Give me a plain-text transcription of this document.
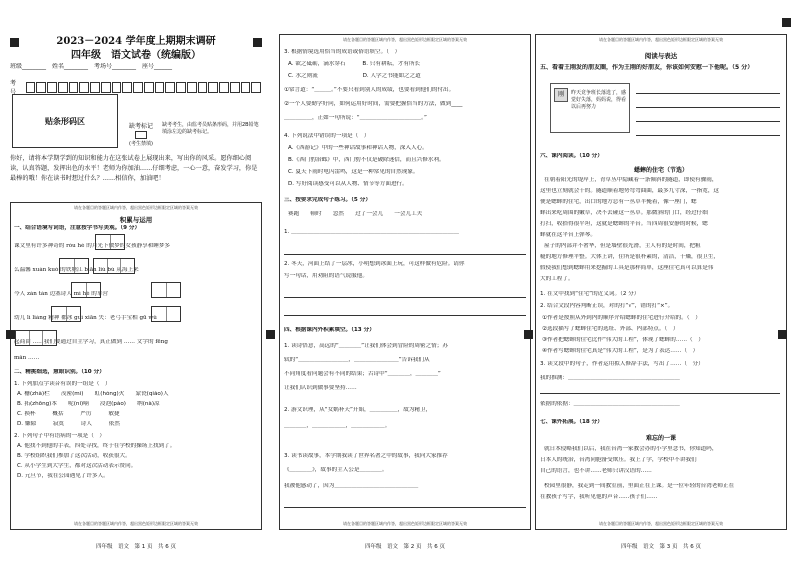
2023－2024 学年度上期期末调研
四年级　语文试卷（统编版）
班级________　姓名________　考场号________　座号______
考号
贴条形码区
缺考标记
(考生禁填)
缺考考生，由监考员贴条形码，并用2B铅笔填涂左边的缺考标记。
你好，请将本学期学到的知识和能力在这张试卷上展现出来，写出你的风采。愿你细心阅读，认真答题，发挥出色的水平！老师为你加油……仔细考虑，一心一意，奋发学习，你是最棒的哦！你在读书时想过什么？……相信你，加油吧！
请在各题目的答题区域内作答，超出黑色矩形边框限定区域的答案无效
积累与运用
一、结合语境写词语，注意按字书写美观。（9 分）
课文里有许多神奇的 róu hé 的月光下做梦的女孩静享和睡梦多
么温馨 xuàn kuò 的铁塘江 biān liú bù 从海上来
今人 zàn tàn 边塞诗人 mì hé 的军营
幼儿 lì liáng 精神 都冰 guì xiān 失：老弓手宝相 gū wǔ
起商由 ……我们要通过自主学习，真正做到 …… 文字的 fēng
mǎn ……
二、精挑细选，慧眼识别。（10 分）
1. 下列加点字读音有误的一组是（　）
A. 栅(zhà)栏　　茂密(mì)　　虹(hóng)火　　蒙瓷(qiáo)人
B. 拓(zhōng)本　　呢(ní)喃　　浸泡(pào)　　纳(nà)凉
C. 换杯　　　概括　　　严厉　　　敏捷
D. 嫌隙　　　寂寞　　　诗人　　　依然
2. 下列句子中有语病的一项是（　）
A. 他找不到他的手表，四处寻找，终于在学校的操场上找到了。
B. 学校组织我们参加了这次活动，收获很大。
C. 从小学生到大学生，都对这次活动表示赞同。
D. 元旦节，我在公园遇见了许多人。
请在各题目的答题区域内作答，超出黑色矩形边框限定区域的答案无效
四年级　语文　第 1 页　共 6 页
请在各题目的答题区域内作答，超出黑色矩形边框限定区域的答案无效
3. 根据情境选用恰当的成语或俗语填空。（　）
A. 欲之砥砺，滴水穿石　　　B. 只有耕耘，才有所长
C. 水之则流　　　　　　　　D. 人学之书能如之之道
①常言道：“＿＿＿。”不要只看到别人的成绩，也要看到他们的付出。
②一个人要勤学好问，如何运用好时间，需要把握恰当的方法，做到____
＿＿＿＿＿，正如一句所说：“＿＿＿＿＿＿＿＿＿＿＿。”
4. 下列说法中错误的一项是（　）
A.《西游记》中的一些神话故事和神话人物，深入人心。
B.《西门豹治邺》中，西门豹不仅是破除迷信，而且兴修水利。
C. 夏天下雨时电闪雷鸣，这是一种常见的自然现象。
D. 写好阅读感受可以从人物、情节等方面进行。
三、按要求完成句子练习。（5 分）
赛跑　　顿时　　忽然　　过了一会儿　　一会儿工夫
1. ＿＿＿＿＿＿＿＿＿＿＿＿＿＿＿＿＿＿＿＿＿＿＿＿＿＿＿＿＿＿
2. 冬天，河面上结了一层冰，小明想到冰面上玩，可这样做有危险。请你
写一句话，用劝阻的语气说服他。
四、根据课内外积累填空。（13 分）
1. 读诗悟意，高远的“＿＿＿＿”让我们体会到冒险的周密之情；苏
轼的“＿＿＿＿＿＿＿＿＿，＿＿＿＿＿＿＿＿”告诉我们从
不同角度看问题会有不同的结果；古诗中“＿＿＿＿，＿＿＿＿”
让我们认识到做事要坚持……
2. 游文识理，从“女娲补天”开始，＿＿＿＿＿，故为精卫，
＿＿＿＿，＿＿＿＿＿＿，＿＿＿＿＿＿。
3. 读书读故事，本学期我读了世界名著之中的故事，我向大家推荐
《＿＿＿＿》，故事的主人公是＿＿＿＿。
我被他感动了，因为＿＿＿＿＿＿＿＿＿＿＿＿＿＿＿
请在各题目的答题区域内作答，超出黑色矩形边框限定区域的答案无效
四年级　语文　第 2 页　共 6 页
请在各题目的答题区域内作答，超出黑色矩形边框限定区域的答案无效
阅读与表达
五、看着王刚发的朋友圈，作为王刚的好朋友，你该如何安慰一下他呢。（5 分）
刚	昨天竞争班长落选了，感觉好失落，妈妈说，得看以后再努力
六、课内阅读。（10 分）
蟋蟀的住宅（节选）
在朝着阳光的堤岸上，青草丛中隐藏着一条倾斜的隧道，即使有骤雨，
这里也立刻就会干的。隧道顺着地势弯弯曲曲，最多九寸深，一指宽，这
便是蟋蟀的住宅，出口的地方总有一丛草半掩着，像一座门，蟋
蟀出来吃周围的嫩草，决不去碰这一丛草。那微斜的门口，经过仔细
打扫，收拾得很平坦，这就是蟋蟀的平台。当四周很安静的时候，蟋
蟀就在这平台上弹琴。
屋子的内部并不奢华，但是墙壁很光滑，主人有的是时间，把粗
糙的地方修理平整。大体上讲，住所是很朴素的，清洁，干燥，很卫生，
假使我们想到蟋蟀用来挖掘的工具是那样简单，这座住宅真可以算是伟
大的工程了。
1. 在文中找到“住宅”的近义词。（2 分）
2. 结合文段内容判断正误，对的打“√”，错的打“×”。
①作者是按照从外到内的顺序介绍蟋蟀的住宅进行介绍的。（　）
②选段描写了蟋蟀住宅的选址、外部、内部特点。（　）
③作者把蟋蟀的住宅比作“伟大的工程”，体现了蟋蟀的……（　）
④作者写蟋蟀的住宅真是“伟大的工程”，是为了表达……（　）
3. 读文段中的句子，作者运用拟人修辞手法，写出了……（　分）
我的推测：＿＿＿＿＿＿＿＿＿＿＿＿＿＿＿＿＿＿＿＿
依据的依据：＿＿＿＿＿＿＿＿＿＿＿＿＿＿＿＿＿＿＿
七、课外拓展。（18 分）
难忘的一课
就日本侵略我们以后，我在台湾一家教会办的小学里念书，你知道吗，
日本人的统治，台湾同胞备受欺压。我上了学，学校中不讲我们
自己的语言，也不讲……老师只讲汉语的……
校园里很静，我走到一间教室前，里面正在上课。是一位年轻的台湾老师正在
在教孩子写字，我听见他的声音……孩子们……
请在各题目的答题区域内作答，超出黑色矩形边框限定区域的答案无效
四年级　语文　第 3 页　共 6 页
